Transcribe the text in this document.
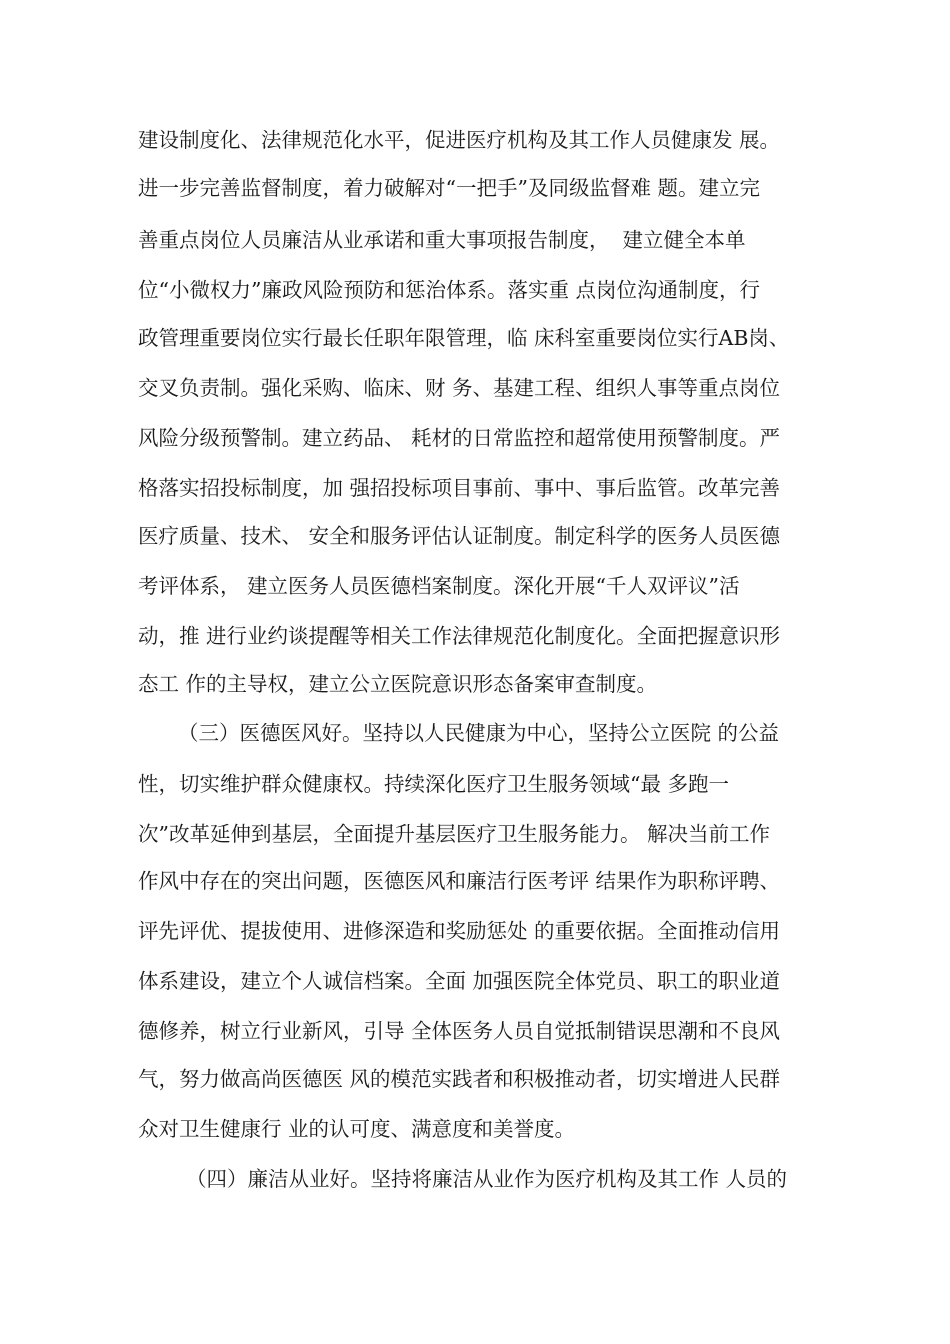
建设制度化、法律规范化水平，促进医疗机构及其工作人员健康发 展。
进一步完善监督制度，着力破解对“一把手”及同级监督难 题。建立完
善重点岗位人员廉洁从业承诺和重大事项报告制度，  建立健全本单
位“小微权力”廉政风险预防和惩治体系。落实重 点岗位沟通制度，行
政管理重要岗位实行最长任职年限管理，临 床科室重要岗位实行AB岗、
交叉负责制。强化采购、临床、财 务、基建工程、组织人事等重点岗位
风险分级预警制。建立药品、 耗材的日常监控和超常使用预警制度。严
格落实招投标制度，加 强招投标项目事前、事中、事后监管。改革完善
医疗质量、技术、 安全和服务评估认证制度。制定科学的医务人员医德
考评体系， 建立医务人员医德档案制度。深化开展“千人双评议”活
动，推 进行业约谈提醒等相关工作法律规范化制度化。全面把握意识形
态工 作的主导权，建立公立医院意识形态备案审查制度。
（三）医德医风好。坚持以人民健康为中心，坚持公立医院 的公益
性，切实维护群众健康权。持续深化医疗卫生服务领域“最 多跑一
次”改革延伸到基层，全面提升基层医疗卫生服务能力。 解决当前工作
作风中存在的突出问题，医德医风和廉洁行医考评 结果作为职称评聘、
评先评优、提拔使用、进修深造和奖励惩处 的重要依据。全面推动信用
体系建设，建立个人诚信档案。全面 加强医院全体党员、职工的职业道
德修养，树立行业新风，引导 全体医务人员自觉抵制错误思潮和不良风
气，努力做高尚医德医 风的模范实践者和积极推动者，切实增进人民群
众对卫生健康行 业的认可度、满意度和美誉度。
（四）廉洁从业好。坚持将廉洁从业作为医疗机构及其工作 人员的
